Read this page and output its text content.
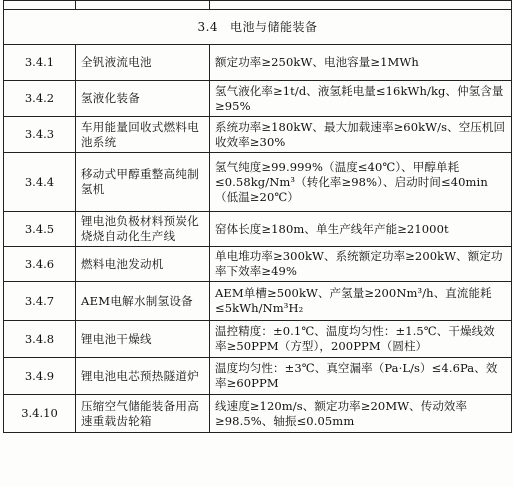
3.4 电池与储能装备		
3.4.1	全钒液流电池	额定功率≥250kW、电池容量≥1MWh
3.4.2	氢液化装备	氢气液化率≥1t/d、液氢耗电量≤16kWh/kg、仲氢含量≥95%
3.4.3	车用能量回收式燃料电池系统	系统功率≥180kW、最大加载速率≥60kW/s、空压机回收效率≥30%
3.4.4	移动式甲醇重整高纯制氢机	氢气纯度≥99.999%（温度≤40℃）、甲醇单耗≤0.58kg/Nm³（转化率≥98%）、启动时间≤40min（低温≥20℃）
3.4.5	锂电池负极材料预炭化烧烧自动化生产线	窑体长度≥180m、单生产线年产能≥21000t
3.4.6	燃料电池发动机	单电堆功率≥300kW、系统额定功率≥200kW、额定功率下效率≥49%
3.4.7	AEM电解水制氢设备	AEM单槽≥500kW、产氢量≥200Nm³/h、直流能耗≤5kWh/Nm³H₂
3.4.8	锂电池干燥线	温控精度：±0.1℃、温度均匀性：±1.5℃、干燥线效率≥50PPM（方型），200PPM（圆柱）
3.4.9	锂电池电芯预热隧道炉	温度均匀性：±3℃、真空漏率（Pa·L/s）≤4.6Pa、效率≥60PPM
3.4.10	压缩空气储能装备用高速重载齿轮箱	线速度≥120m/s、额定功率≥20MW、传动效率≥98.5%、轴振≤0.05mm
